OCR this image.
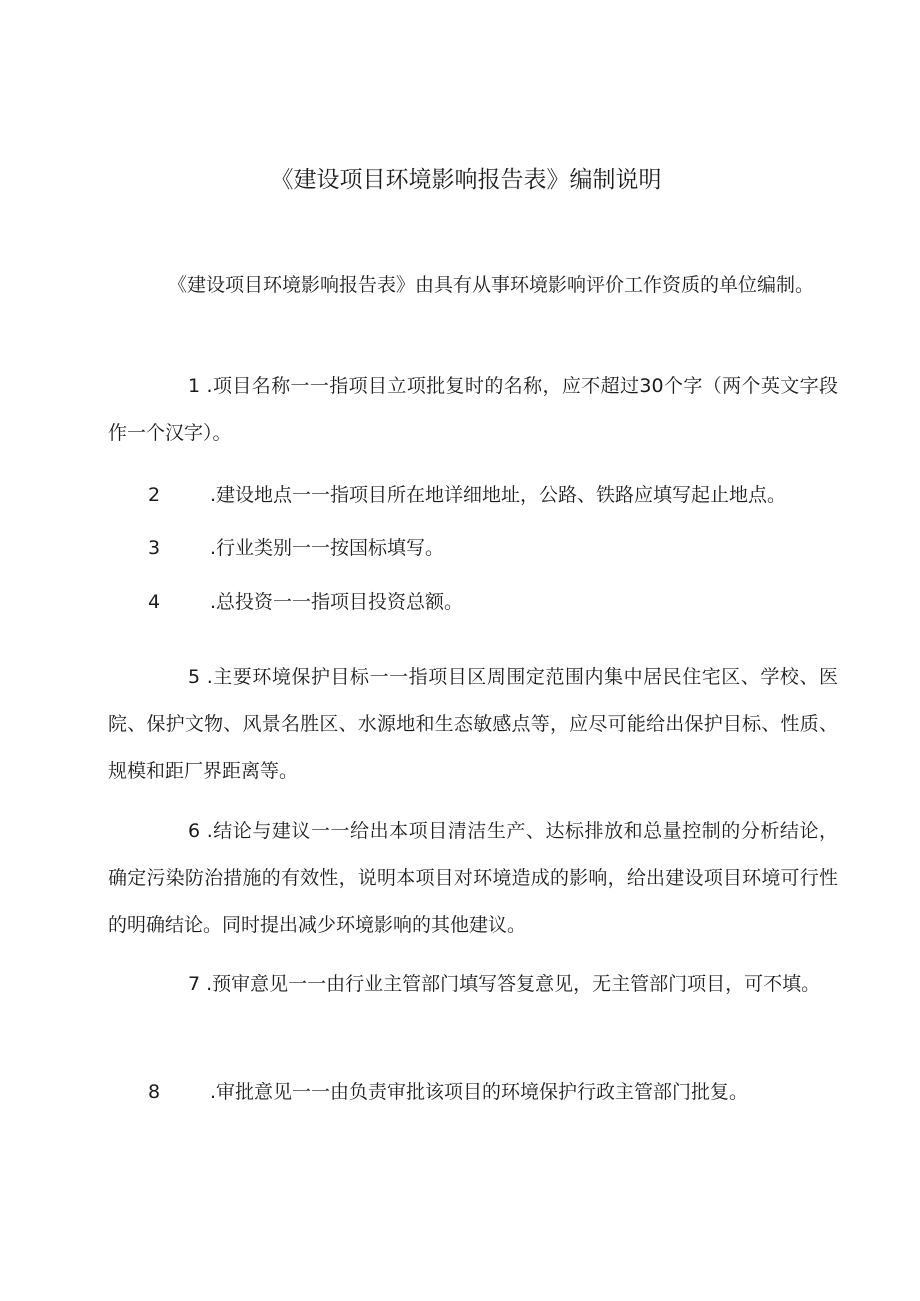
《建设项目环境影响报告表》编制说明
《建设项目环境影响报告表》由具有从事环境影响评价工作资质的单位编制。
1 .项目名称一一指项目立项批复时的名称，应不超过30个字（两个英文字段作一个汉字）。
2	.建设地点一一指项目所在地详细地址，公路、铁路应填写起止地点。
3	.行业类别一一按国标填写。
4	.总投资一一指项目投资总额。
5 .主要环境保护目标一一指项目区周围定范围内集中居民住宅区、学校、医院、保护文物、风景名胜区、水源地和生态敏感点等，应尽可能给出保护目标、性质、规模和距厂界距离等。
6 .结论与建议一一给出本项目清洁生产、达标排放和总量控制的分析结论，确定污染防治措施的有效性，说明本项目对环境造成的影响，给出建设项目环境可行性的明确结论。同时提出减少环境影响的其他建议。
7 .预审意见一一由行业主管部门填写答复意见，无主管部门项目，可不填。
8	.审批意见一一由负责审批该项目的环境保护行政主管部门批复。
